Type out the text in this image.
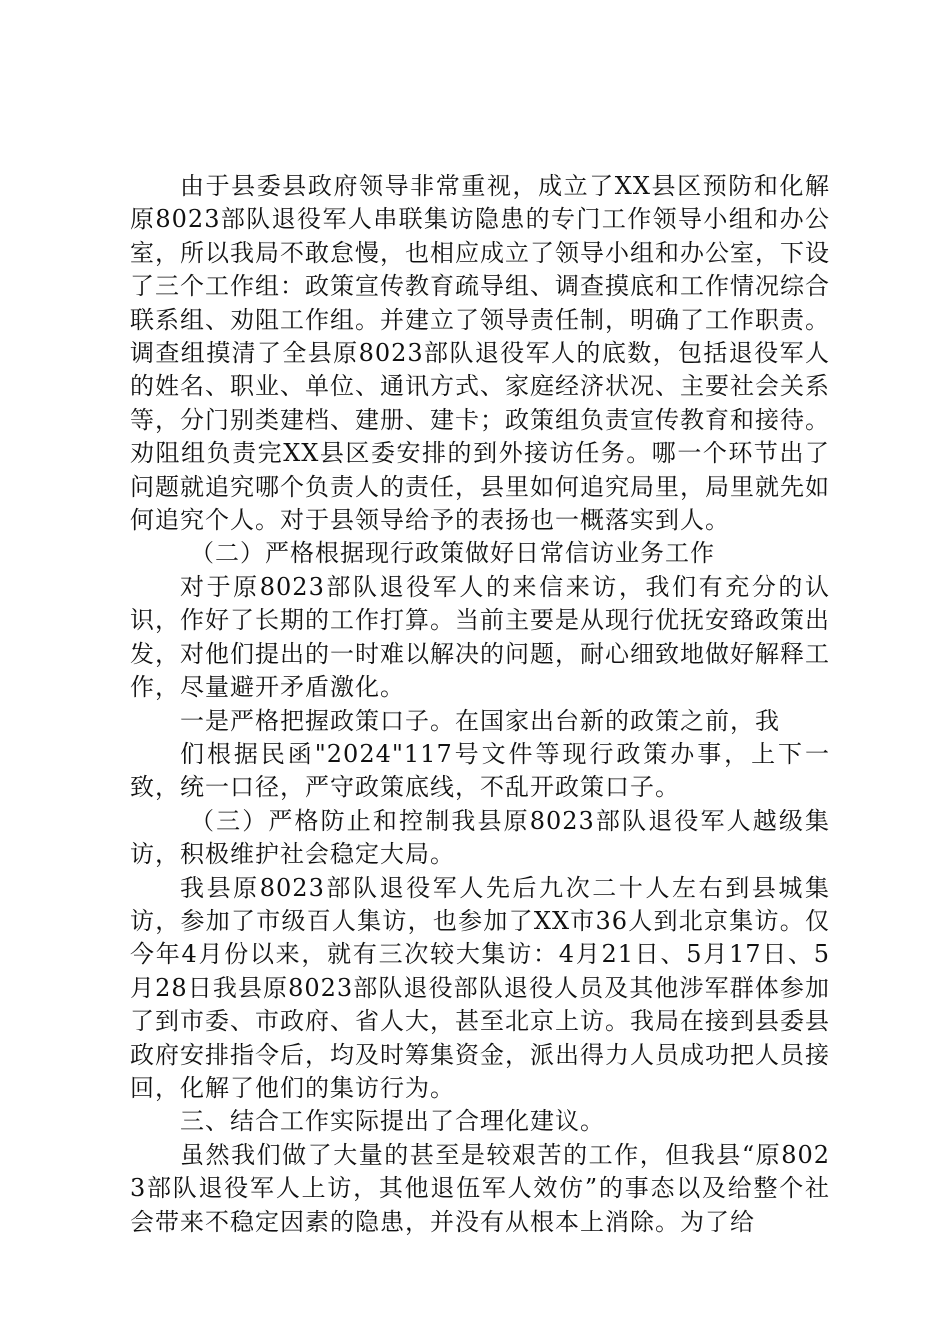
由于县委县政府领导非常重视，成立了XX县区预防和化解原8023部队退役军人串联集访隐患的专门工作领导小组和办公室，所以我局不敢怠慢，也相应成立了领导小组和办公室，下设了三个工作组：政策宣传教育疏导组、调查摸底和工作情况综合联系组、劝阻工作组。并建立了领导责任制，明确了工作职责。调查组摸清了全县原8023部队退役军人的底数，包括退役军人的姓名、职业、单位、通讯方式、家庭经济状况、主要社会关系等，分门别类建档、建册、建卡；政策组负责宣传教育和接待。劝阻组负责完XX县区委安排的到外接访任务。哪一个环节出了问题就追究哪个负责人的责任，县里如何追究局里，局里就先如何追究个人。对于县领导给予的表扬也一概落实到人。

（二）严格根据现行政策做好日常信访业务工作

对于原8023部队退役军人的来信来访，我们有充分的认识，作好了长期的工作打算。当前主要是从现行优抚安臵政策出发，对他们提出的一时难以解决的问题，耐心细致地做好解释工作，尽量避开矛盾激化。

一是严格把握政策口子。在国家出台新的政策之前，我

们根据民函"2024"117号文件等现行政策办事，上下一致，统一口径，严守政策底线，不乱开政策口子。

（三）严格防止和控制我县原8023部队退役军人越级集访，积极维护社会稳定大局。

我县原8023部队退役军人先后九次二十人左右到县城集访，参加了市级百人集访，也参加了XX市36人到北京集访。仅今年4月份以来，就有三次较大集访：4月21日、5月17日、5月28日我县原8023部队退役部队退役人员及其他涉军群体参加了到市委、市政府、省人大，甚至北京上访。我局在接到县委县政府安排指令后，均及时筹集资金，派出得力人员成功把人员接回，化解了他们的集访行为。

三、结合工作实际提出了合理化建议。

虽然我们做了大量的甚至是较艰苦的工作，但我县“原8023部队退役军人上访，其他退伍军人效仿”的事态以及给整个社会带来不稳定因素的隐患，并没有从根本上消除。为了给
